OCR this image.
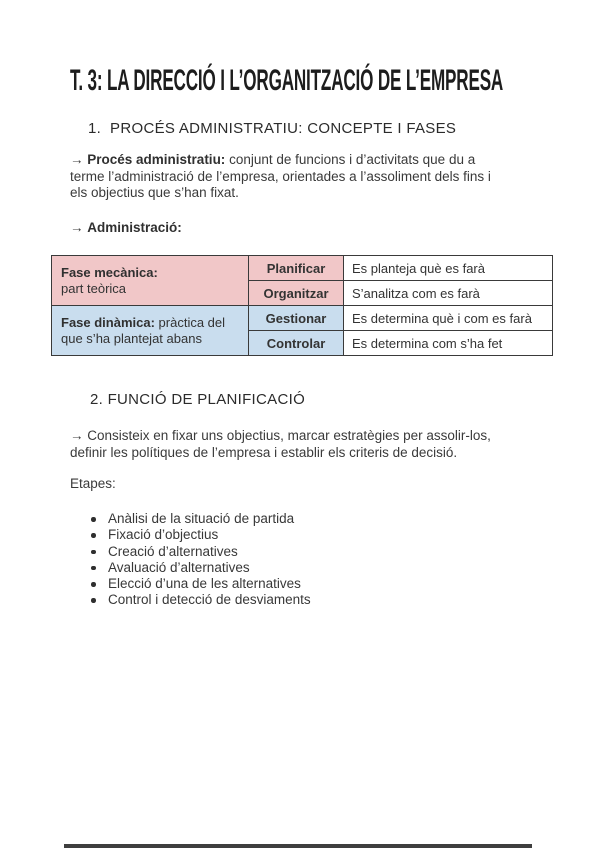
T. 3: LA DIRECCIÓ I L’ORGANITZACIÓ DE L’EMPRESA
1.  PROCÉS ADMINISTRATIU: CONCEPTE I FASES
→ Procés administratiu: conjunt de funcions i d’activitats que du a
terme l’administració de l’empresa, orientades a l’assoliment dels fins i
els objectius que s’han fixat.
→ Administració:
Fase mecànica:
part teòrica	Planificar	Es planteja què es farà
	Organitzar	S’analitza com es farà
Fase dinàmica: pràctica del que s’ha plantejat abans	Gestionar	Es determina què i com es farà
	Controlar	Es determina com s’ha fet
2. FUNCIÓ DE PLANIFICACIÓ
→ Consisteix en fixar uns objectius, marcar estratègies per assolir-los,
definir les polítiques de l’empresa i establir els criteris de decisió.
Etapes:
Anàlisi de la situació de partida
Fixació d’objectius
Creació d’alternatives
Avaluació d’alternatives
Elecció d’una de les alternatives
Control i detecció de desviaments
